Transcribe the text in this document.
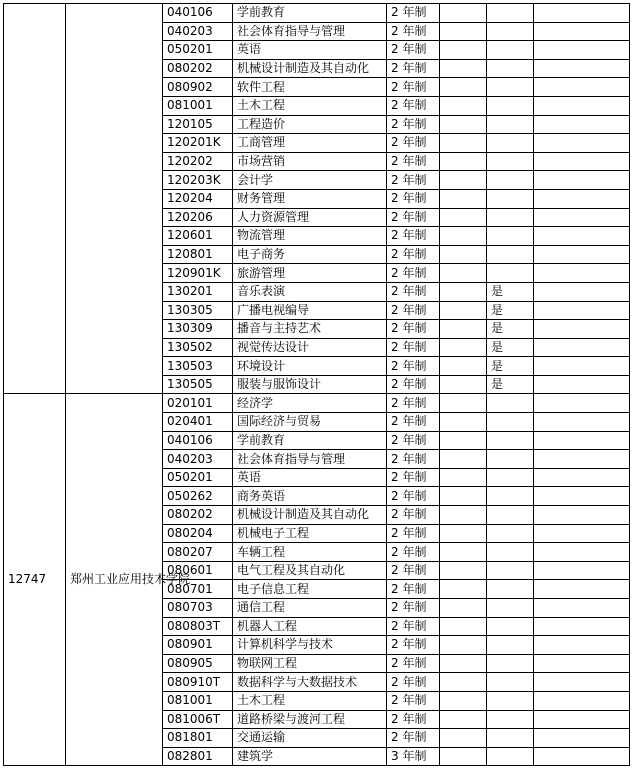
		040106	学前教育	2 年制			
		040203	社会体育指导与管理	2 年制			
		050201	英语	2 年制			
		080202	机械设计制造及其自动化	2 年制			
		080902	软件工程	2 年制			
		081001	土木工程	2 年制			
		120105	工程造价	2 年制			
		120201K	工商管理	2 年制			
		120202	市场营销	2 年制			
		120203K	会计学	2 年制			
		120204	财务管理	2 年制			
		120206	人力资源管理	2 年制			
		120601	物流管理	2 年制			
		120801	电子商务	2 年制			
		120901K	旅游管理	2 年制			
		130201	音乐表演	2 年制		是	
		130305	广播电视编导	2 年制		是	
		130309	播音与主持艺术	2 年制		是	
		130502	视觉传达设计	2 年制		是	
		130503	环境设计	2 年制		是	
		130505	服装与服饰设计	2 年制		是	
12747	郑州工业应用技术学院	020101	经济学	2 年制			
		020401	国际经济与贸易	2 年制			
		040106	学前教育	2 年制			
		040203	社会体育指导与管理	2 年制			
		050201	英语	2 年制			
		050262	商务英语	2 年制			
		080202	机械设计制造及其自动化	2 年制			
		080204	机械电子工程	2 年制			
		080207	车辆工程	2 年制			
		080601	电气工程及其自动化	2 年制			
		080701	电子信息工程	2 年制			
		080703	通信工程	2 年制			
		080803T	机器人工程	2 年制			
		080901	计算机科学与技术	2 年制			
		080905	物联网工程	2 年制			
		080910T	数据科学与大数据技术	2 年制			
		081001	土木工程	2 年制			
		081006T	道路桥梁与渡河工程	2 年制			
		081801	交通运输	2 年制			
		082801	建筑学	3 年制			
